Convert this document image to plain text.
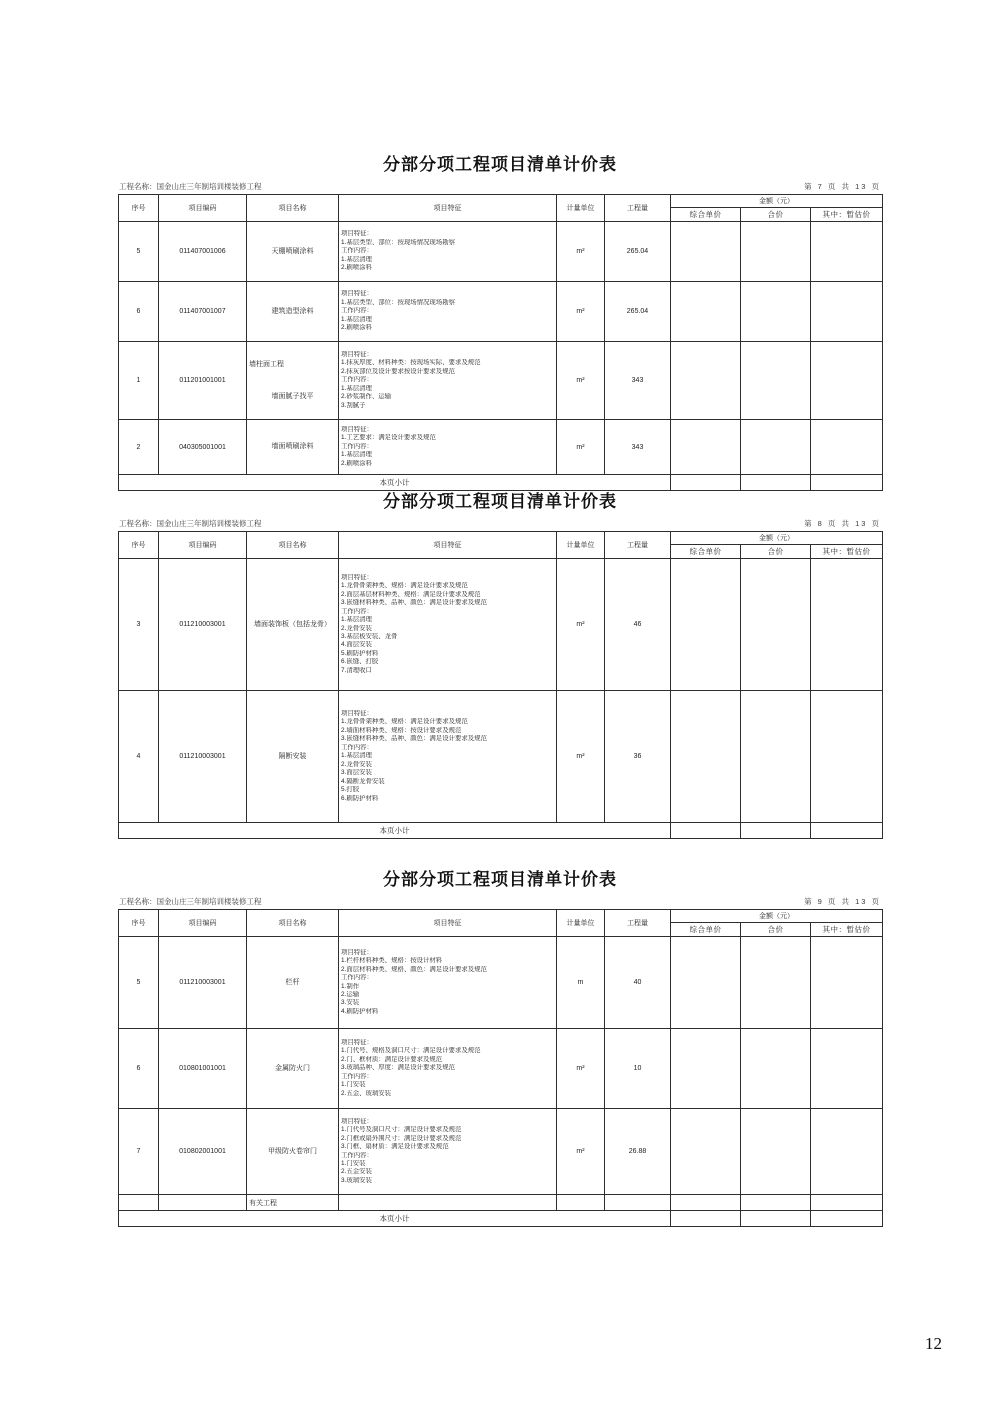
分部分项工程项目清单计价表
工程名称：国金山庄三年制培训楼装修工程	第 7 页 共 13 页
序号	项目编码	项目名称	项目特征	计量单位	工程量	金额（元）		
						综合单价	合价	其中：暂估价
5	011407001006	天棚喷刷涂料	项目特征：
1.基层类型、部位：按现场情况现场勘察
工作内容：
1.基层清理
2.刷喷涂料	m²	265.04			
6	011407001007	建筑造型涂料	项目特征：
1.基层类型、部位：按现场情况现场勘察
工作内容：
1.基层清理
2.刷喷涂料	m²	265.04			
1	011201001001	
墙柱面工程
墙面腻子找平

项目特征：
1.抹灰厚度、材料种类：按现场实际、要求及规范
2.抹灰部位及设计要求按设计要求及规范
工作内容：
1.基层清理
2.砂浆制作、运输
3.刮腻子
	m²	343			
2	040305001001	墙面喷刷涂料	项目特征：
1.工艺要求：满足设计要求及规范
工作内容：
1.基层清理
2.刷喷涂料	m²	343			
本页小计								
分部分项工程项目清单计价表
工程名称：国金山庄三年制培训楼装修工程	第 8 页 共 13 页
序号	项目编码	项目名称	项目特征	计量单位	工程量	金额（元）		
						综合单价	合价	其中：暂估价
3	011210003001	墙面装饰板（包括龙骨）	
项目特征：
1.龙骨骨架种类、规格：满足设计要求及规范
2.面层基层材料种类、规格：满足设计要求及规范
3.嵌缝材料种类、品种、颜色：满足设计要求及规范
工作内容：
1.基层清理
2.龙骨安装
3.基层板安装、龙骨
4.面层安装
5.刷防护材料
6.嵌缝、打胶
7.清理收口
	m²	46			
4	011210003001	隔断安装	
项目特征：
1.龙骨骨架种类、规格：满足设计要求及规范
2.墙面材料种类、规格：按设计要求及规范
3.嵌缝材料种类、品种、颜色：满足设计要求及规范
工作内容：
1.基层清理
2.龙骨安装
3.面层安装
4.隔断龙骨安装
5.打胶
6.刷防护材料
	m²	36			
本页小计								
分部分项工程项目清单计价表
工程名称：国金山庄三年制培训楼装修工程	第 9 页 共 13 页
序号	项目编码	项目名称	项目特征	计量单位	工程量	金额（元）		
						综合单价	合价	其中：暂估价
5	011210003001	栏杆	
项目特征：
1.栏杆材料种类、规格：按设计材料
2.面层材料种类、规格、颜色：满足设计要求及规范
工作内容：
1.制作
2.运输
3.安装
4.刷防护材料
	m	40			
6	010801001001	金属防火门	
项目特征：
1.门代号、规格及洞口尺寸：满足设计要求及规范
2.门、框材质：满足设计要求及规范
3.玻璃品种、厚度：满足设计要求及规范
工作内容：
1.门安装
2.五金、玻璃安装
	m²	10			
7	010802001001	甲级防火卷帘门	
项目特征：
1.门代号及洞口尺寸：满足设计要求及规范
2.门框或扇外围尺寸：满足设计要求及规范
3.门框、扇材质：满足设计要求及规范
工作内容：
1.门安装
2.五金安装
3.玻璃安装
	m²	26.88			
		有关工程						
本页小计								
12
